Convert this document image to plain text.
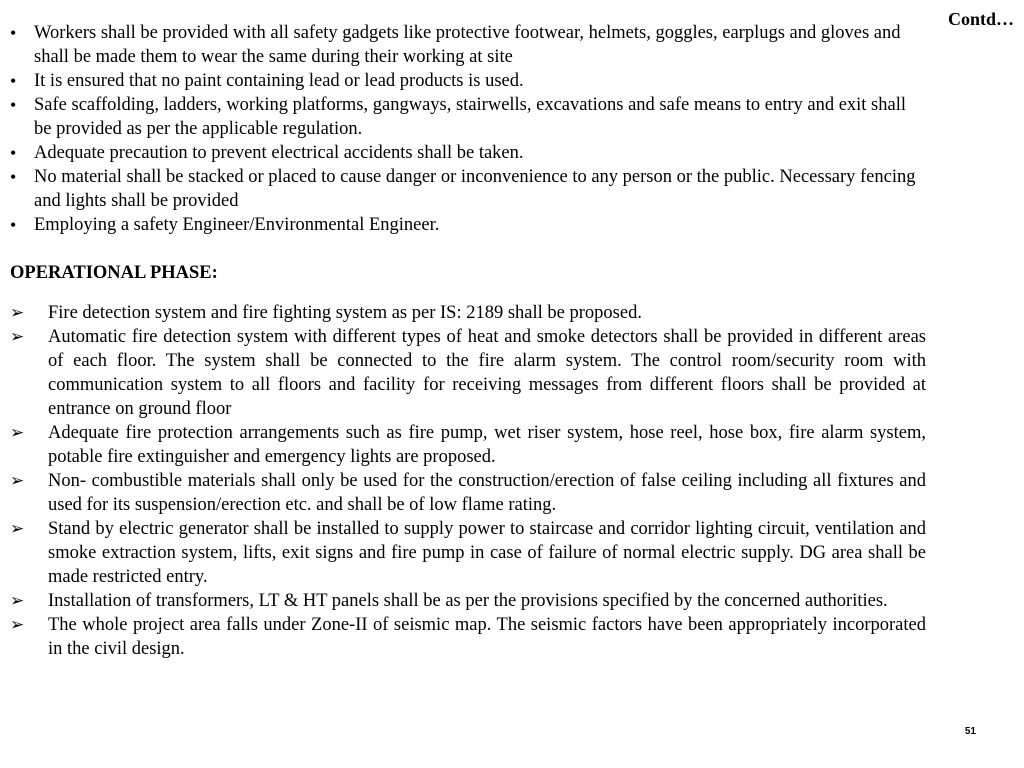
Contd…
• Workers shall be provided with all safety gadgets like protective footwear, helmets, goggles, earplugs and gloves and shall be made them to wear the same during their working at site
• It is ensured that no paint containing lead or lead products is used.
• Safe scaffolding, ladders, working platforms, gangways, stairwells, excavations and safe means to entry and exit shall be provided as per the applicable regulation.
• Adequate precaution to prevent electrical accidents shall be taken.
• No material shall be stacked or placed to cause danger or inconvenience to any person or the public. Necessary fencing and lights shall be provided
• Employing a safety Engineer/Environmental Engineer.
OPERATIONAL PHASE:
➢	Fire detection system and fire fighting system as per IS: 2189 shall be proposed.
➢	Automatic fire detection system with different types of heat and smoke detectors shall be provided in different areas of each floor. The system shall be connected to the fire alarm system. The control room/security room with communication system to all floors and facility for receiving messages from different floors shall be provided at entrance on ground floor
➢	Adequate fire protection arrangements such as fire pump, wet riser system, hose reel, hose box, fire alarm system, potable fire extinguisher and emergency lights are proposed.
➢	Non- combustible materials shall only be used for the construction/erection of false ceiling including all fixtures and used for its suspension/erection etc. and shall be of low flame rating.
➢	Stand by electric generator shall be installed to supply power to staircase and corridor lighting circuit, ventilation and smoke extraction system, lifts, exit signs and fire pump in case of failure of normal electric supply. DG area shall be made restricted entry.
➢	Installation of transformers, LT & HT panels shall be as per the provisions specified by the concerned authorities.
➢	The whole project area falls under Zone-II of seismic map. The seismic factors have been appropriately incorporated in the civil design.
51
